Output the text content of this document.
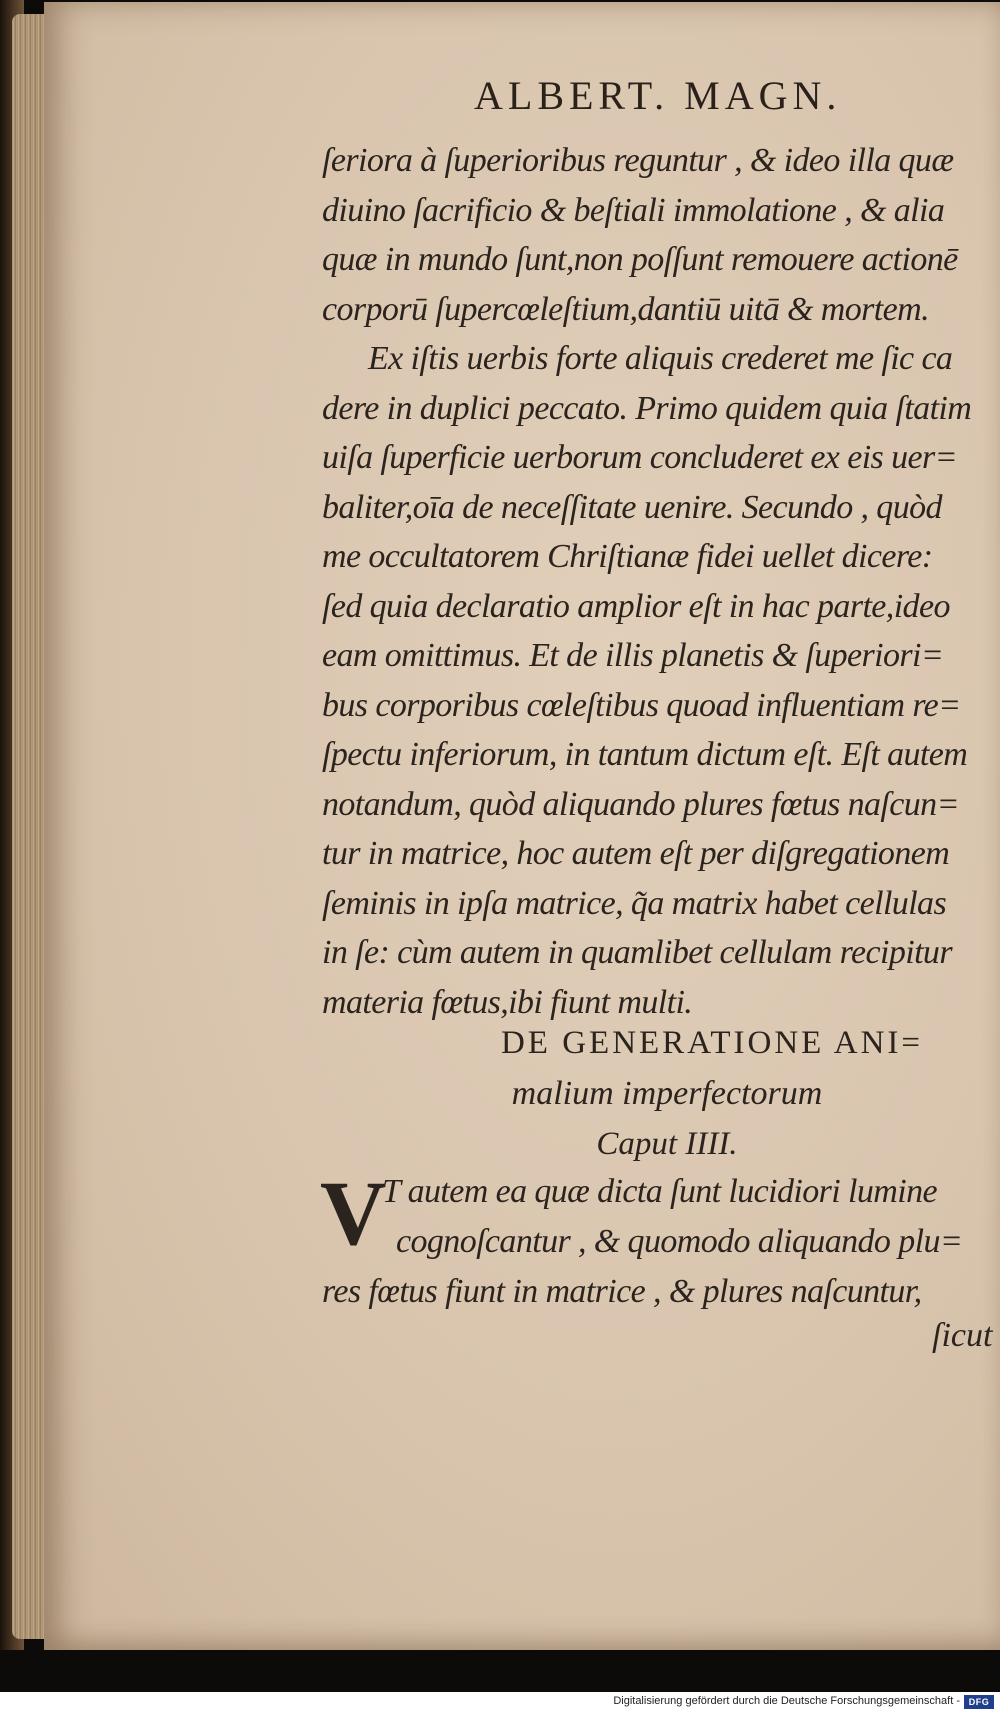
ALBERT. MAGN.
ſeriora à ſuperioribus reguntur , & ideo illa quæ
diuino ſacrificio & beſtiali immolatione , & alia
quæ in mundo ſunt,non poſſunt remouere actionē
corporū ſupercœleſtium,dantiū uitā & mortem.
Ex iſtis uerbis forte aliquis crederet me ſic ca
dere in duplici peccato. Primo quidem quia ſtatim
uiſa ſuperficie uerborum concluderet ex eis uer=
baliter,oīa de neceſſitate uenire. Secundo , quòd
me occultatorem Chriſtianæ fidei uellet dicere:
ſed quia declaratio amplior eſt in hac parte,ideo
eam omittimus. Et de illis planetis & ſuperiori=
bus corporibus cœleſtibus quoad influentiam re=
ſpectu inferiorum, in tantum dictum eſt. Eſt autem
notandum, quòd aliquando plures fœtus naſcun=
tur in matrice, hoc autem eſt per diſgregationem
ſeminis in ipſa matrice, q͂a matrix habet cellulas
in ſe: cùm autem in quamlibet cellulam recipitur
materia fœtus,ibi fiunt multi.
DE GENERATIONE ANI=
malium imperfectorum
Caput IIII.
V
T autem ea quæ dicta ſunt lucidiori lumine
cognoſcantur , & quomodo aliquando plu=
res fœtus fiunt in matrice , & plures naſcuntur,
ſicut
Digitalisierung gefördert durch die Deutsche Forschungsgemeinschaft - DFG
